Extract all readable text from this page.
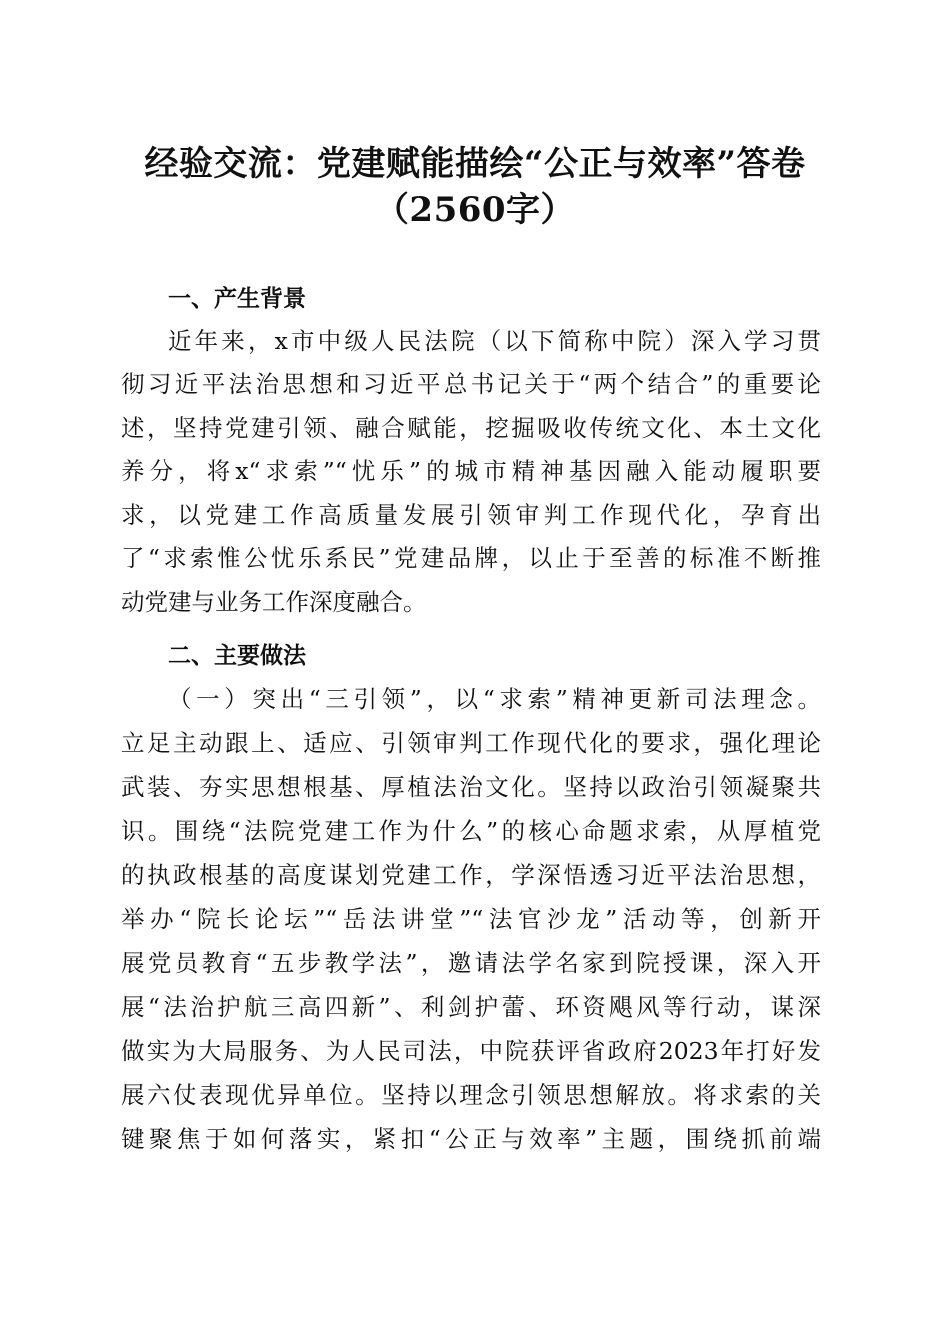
经验交流：党建赋能描绘“公正与效率”答卷
（2560字）
一、产生背景
近年来，x市中级人民法院（以下简称中院）深入学习贯
彻习近平法治思想和习近平总书记关于“两个结合”的重要论
述，坚持党建引领、融合赋能，挖掘吸收传统文化、本土文化
养分，将x“求索”“忧乐”的城市精神基因融入能动履职要
求，以党建工作高质量发展引领审判工作现代化，孕育出
了“求索惟公忧乐系民”党建品牌，以止于至善的标准不断推
动党建与业务工作深度融合。
二、主要做法
（一）突出“三引领”，以“求索”精神更新司法理念。
立足主动跟上、适应、引领审判工作现代化的要求，强化理论
武装、夯实思想根基、厚植法治文化。坚持以政治引领凝聚共
识。围绕“法院党建工作为什么”的核心命题求索，从厚植党
的执政根基的高度谋划党建工作，学深悟透习近平法治思想，
举办“院长论坛”“岳法讲堂”“法官沙龙”活动等，创新开
展党员教育“五步教学法”，邀请法学名家到院授课，深入开
展“法治护航三高四新”、利剑护蕾、环资飓风等行动，谋深
做实为大局服务、为人民司法，中院获评省政府2023年打好发
展六仗表现优异单位。坚持以理念引领思想解放。将求索的关
键聚焦于如何落实，紧扣“公正与效率”主题，围绕抓前端
